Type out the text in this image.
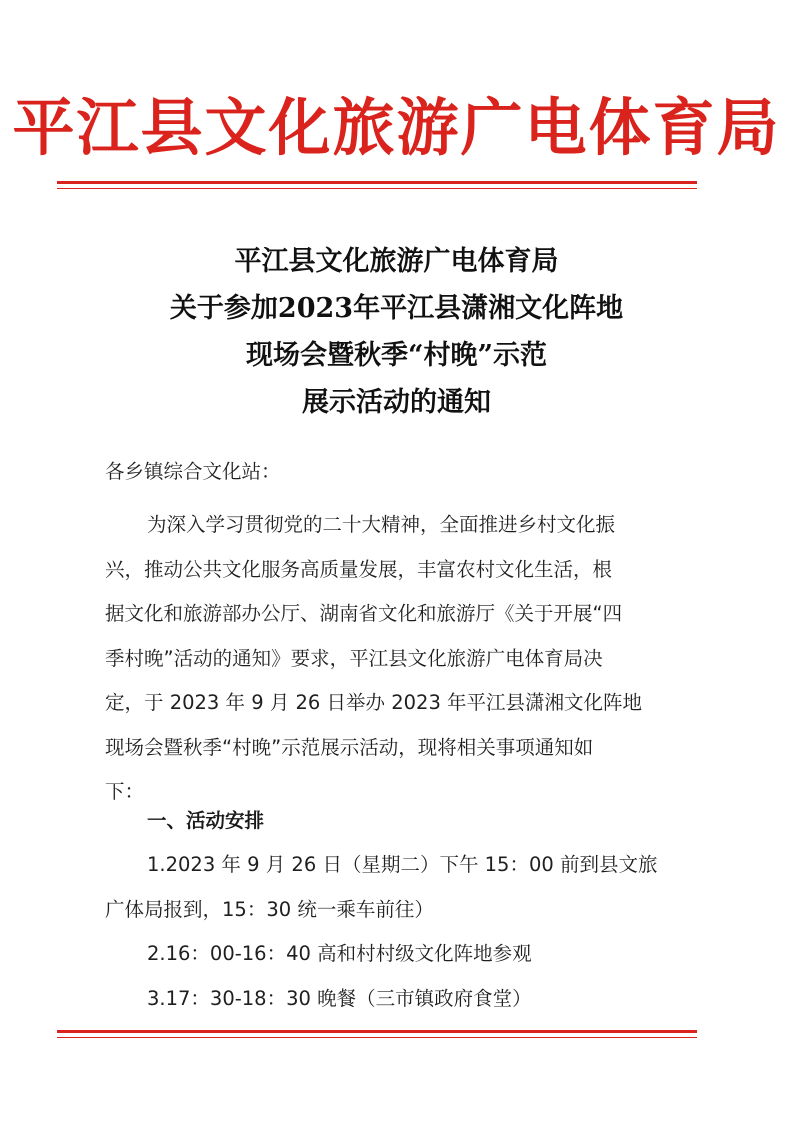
平江县文化旅游广电体育局
平江县文化旅游广电体育局
关于参加2023年平江县潇湘文化阵地
现场会暨秋季“村晚”示范
展示活动的通知
各乡镇综合文化站：
为深入学习贯彻党的二十大精神，全面推进乡村文化振
兴，推动公共文化服务高质量发展，丰富农村文化生活，根
据文化和旅游部办公厅、湖南省文化和旅游厅《关于开展“四
季村晚”活动的通知》要求，平江县文化旅游广电体育局决
定，于 2023 年 9 月 26 日举办 2023 年平江县潇湘文化阵地
现场会暨秋季“村晚”示范展示活动，现将相关事项通知如
下：
一、活动安排
1.2023 年 9 月 26 日（星期二）下午 15：00 前到县文旅
广体局报到，15：30 统一乘车前往）
2.16：00-16：40 高和村村级文化阵地参观
3.17：30-18：30 晚餐（三市镇政府食堂）
